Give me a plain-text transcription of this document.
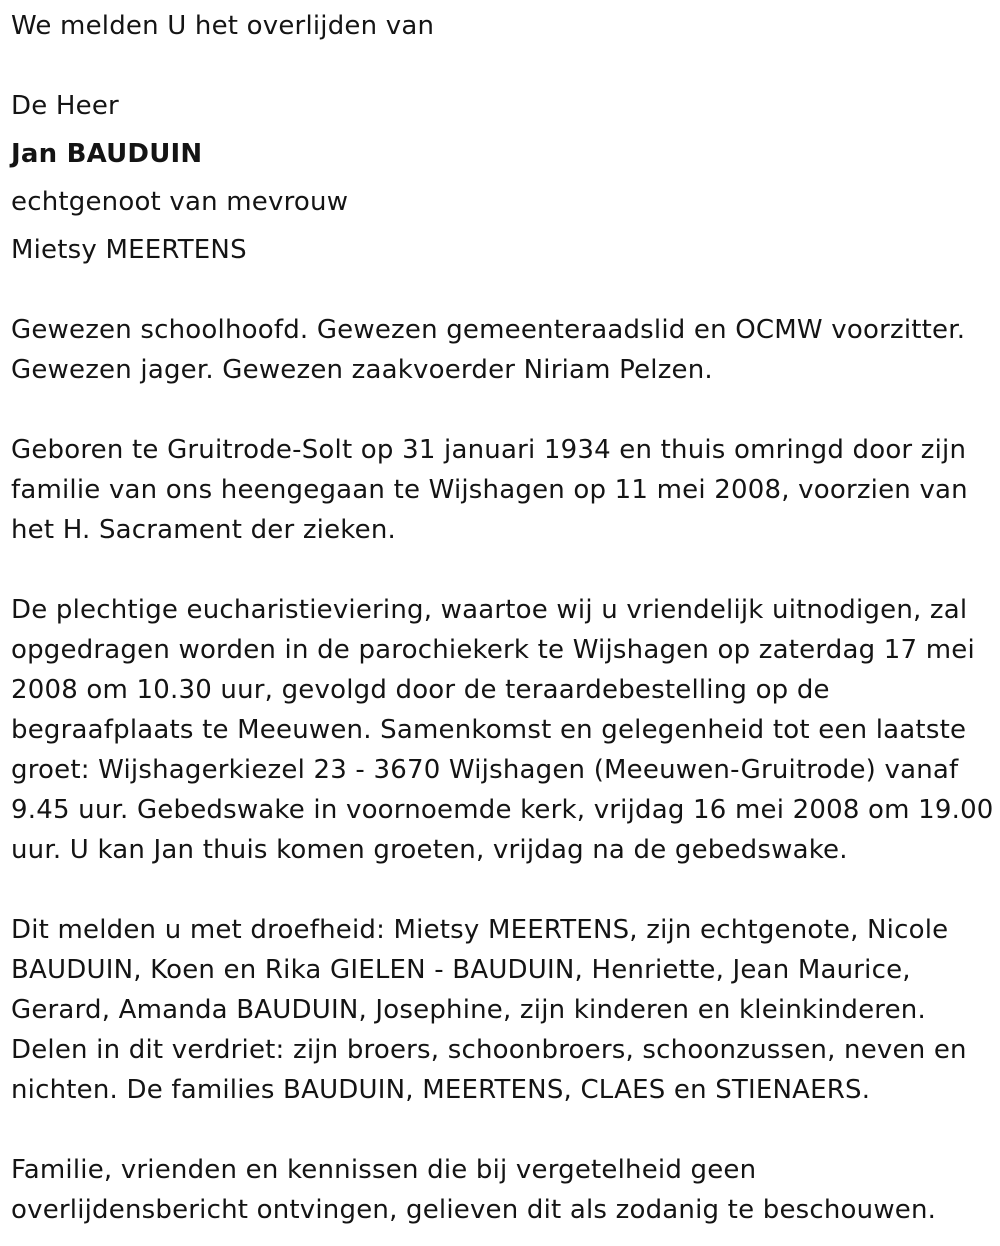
We melden U het overlijden van
De Heer
Jan BAUDUIN
echtgenoot van mevrouw
Mietsy MEERTENS
Gewezen schoolhoofd. Gewezen gemeenteraadslid en OCMW voorzitter.
Gewezen jager. Gewezen zaakvoerder Niriam Pelzen.
Geboren te Gruitrode-Solt op 31 januari 1934 en thuis omringd door zijn
familie van ons heengegaan te Wijshagen op 11 mei 2008, voorzien van
het H. Sacrament der zieken.
De plechtige eucharistieviering, waartoe wij u vriendelijk uitnodigen, zal
opgedragen worden in de parochiekerk te Wijshagen op zaterdag 17 mei
2008 om 10.30 uur, gevolgd door de teraardebestelling op de
begraafplaats te Meeuwen. Samenkomst en gelegenheid tot een laatste
groet: Wijshagerkiezel 23 - 3670 Wijshagen (Meeuwen-Gruitrode) vanaf
9.45 uur. Gebedswake in voornoemde kerk, vrijdag 16 mei 2008 om 19.00
uur. U kan Jan thuis komen groeten, vrijdag na de gebedswake.
Dit melden u met droefheid: Mietsy MEERTENS, zijn echtgenote, Nicole
BAUDUIN, Koen en Rika GIELEN - BAUDUIN, Henriette, Jean Maurice,
Gerard, Amanda BAUDUIN, Josephine, zijn kinderen en kleinkinderen.
Delen in dit verdriet: zijn broers, schoonbroers, schoonzussen, neven en
nichten. De families BAUDUIN, MEERTENS, CLAES en STIENAERS.
Familie, vrienden en kennissen die bij vergetelheid geen
overlijdensbericht ontvingen, gelieven dit als zodanig te beschouwen.
